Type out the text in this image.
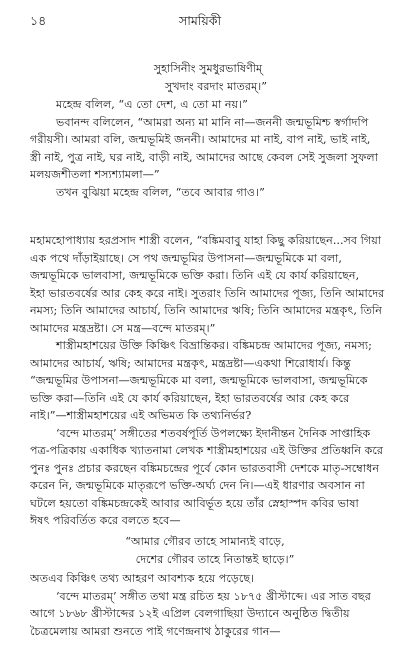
১৪	সাময়িকী
সুহাসিনীং সুমধুরভাষিণীম্
সুখদাং বরদাং মাতরম্।”
মহেন্দ্র বলিল, “এ তো দেশ, এ তো মা নয়।”
ভবানন্দ বলিলেন, “আমরা অন্য মা মানি না—জননী জন্মভূমিশ্চ স্বর্গাদপি
গরীয়সী। আমরা বলি, জন্মভূমিই জননী। আমাদের মা নাই, বাপ নাই, ভাই নাই,
স্ত্রী নাই, পুত্র নাই, ঘর নাই, বাড়ী নাই, আমাদের আছে কেবল সেই সুজলা সুফলা
মলয়জশীতলা শস্যশ্যামলা—”
তখন বুঝিয়া মহেন্দ্র বলিল, “তবে আবার গাও।”
মহামহোপাধ্যায় হরপ্রসাদ শাস্ত্রী বলেন, “বঙ্কিমবাবু যাহা কিছু করিয়াছেন...সব গিয়া
এক পথে দাঁড়াইয়াছে। সে পথ জন্মভূমির উপাসনা—জন্মভূমিকে মা বলা,
জন্মভূমিকে ভালবাসা, জন্মভূমিকে ভক্তি করা। তিনি এই যে কার্য করিয়াছেন,
ইহা ভারতবর্ষের আর কেহ করে নাই। সুতরাং তিনি আমাদের পূজ্য, তিনি আমাদের
নমস্য; তিনি আমাদের আচার্য, তিনি আমাদের ঋষি; তিনি আমাদের মন্ত্রকৃৎ, তিনি
আমাদের মন্ত্রদ্রষ্টা। সে মন্ত্র—বন্দে মাতরম্।”
শাস্ত্রীমহাশয়ের উক্তি কিঞ্চিৎ বিভ্রান্তিকর। বঙ্কিমচন্দ্র আমাদের পূজ্য, নমস্য;
আমাদের আচার্য, ঋষি; আমাদের মন্ত্রকৃৎ, মন্ত্রদ্রষ্টা—একথা শিরোধার্য। কিন্তু
“জন্মভূমির উপাসনা—জন্মভূমিকে মা বলা, জন্মভূমিকে ভালবাসা, জন্মভূমিকে
ভক্তি করা—তিনি এই যে কার্য করিয়াছেন, ইহা ভারতবর্ষের আর কেহ করে
নাই।”—শাস্ত্রীমহাশয়ের এই অভিমত কি তথ্যনির্ভর?
‘বন্দে মাতরম্’ সঙ্গীতের শতবর্ষপূর্তি উপলক্ষ্যে ইদানীন্তন দৈনিক সাপ্তাহিক
পত্র-পত্রিকায় একাধিক খ্যাতনামা লেখক শাস্ত্রীমহাশয়ের এই উক্তির প্রতিধ্বনি করে
পুনঃ পুনঃ প্রচার করছেন বঙ্কিমচন্দ্রের পূর্বে কোন ভারতবাসী দেশকে মাতৃ-সম্বোধন
করেন নি, জন্মভূমিকে মাতৃরূপে ভক্তি-অর্ঘ্য দেন নি।—এই ধারণার অবসান না
ঘটলে হয়তো বঙ্কিমচন্দ্রকেই আবার আবির্ভূত হয়ে তাঁর স্নেহাস্পদ কবির ভাষা
ঈষৎ পরিবর্তিত করে বলতে হবে—
“আমার গৌরব তাহে সামান্যই বাড়ে,
দেশের গৌরব তাহে নিতান্তই ছাড়ে।”
অতএব কিঞ্চিৎ তথ্য আহরণ আবশ্যক হয়ে পড়েছে।
‘বন্দে মাতরম্’ সঙ্গীত তথা মন্ত্র রচিত হয় ১৮৭৫ খ্রীস্টাব্দে। এর সাত বছর
আগে ১৮৬৮ খ্রীস্টাব্দের ১২ই এপ্রিল বেলগাছিয়া উদ্যানে অনুষ্ঠিত দ্বিতীয়
চৈত্রমেলায় আমরা শুনতে পাই গণেন্দ্রনাথ ঠাকুরের গান—
